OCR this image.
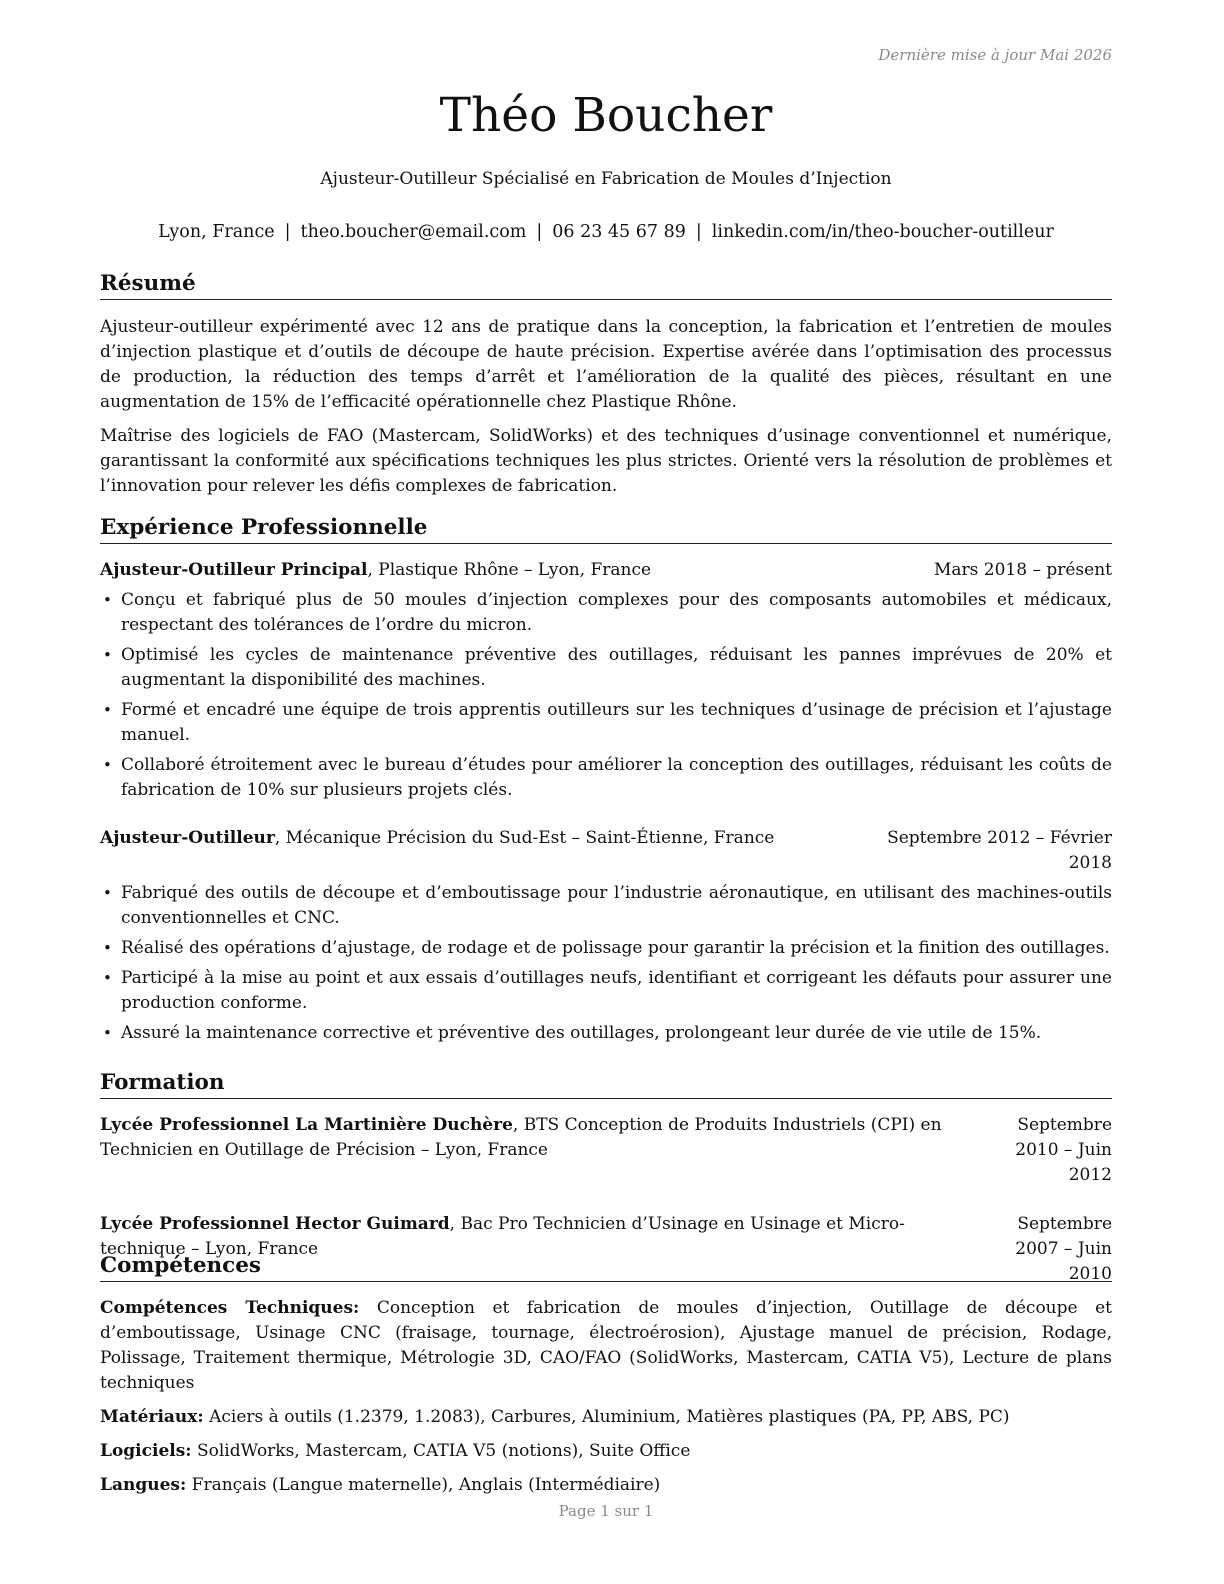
Dernière mise à jour Mai 2026
Théo Boucher
Ajusteur-Outilleur Spécialisé en Fabrication de Moules d’Injection
Lyon, France | theo.boucher@email.com | 06 23 45 67 89 | linkedin.com/in/theo-boucher-outilleur
Résumé

Ajusteur-outilleur expérimenté avec 12 ans de pratique dans la conception, la fabrication et l’entretien de moules d’injection plastique et d’outils de découpe de haute précision. Expertise avérée dans l’optimisation des processus de production, la réduction des temps d’arrêt et l’amélioration de la qualité des pièces, résultant en une augmentation de 15% de l’efficacité opérationnelle chez Plastique Rhône.

Maîtrise des logiciels de FAO (Mastercam, SolidWorks) et des techniques d’usinage conventionnel et numérique, garantissant la conformité aux spécifications techniques les plus strictes. Orienté vers la résolution de problèmes et l’innovation pour relever les défis complexes de fabrication.

Expérience Professionnelle
Ajusteur-Outilleur Principal, Plastique Rhône – Lyon, France	Mars 2018 – présent
• Conçu et fabriqué plus de 50 moules d’injection complexes pour des composants automobiles et médicaux, respectant des tolérances de l’ordre du micron.
• Optimisé les cycles de maintenance préventive des outillages, réduisant les pannes imprévues de 20% et augmentant la disponibilité des machines.
• Formé et encadré une équipe de trois apprentis outilleurs sur les techniques d’usinage de précision et l’ajustage manuel.
• Collaboré étroitement avec le bureau d’études pour améliorer la conception des outillages, réduisant les coûts de fabrication de 10% sur plusieurs projets clés.
Ajusteur-Outilleur, Mécanique Précision du Sud-Est – Saint-Étienne, France	Septembre 2012 – Février 2018
• Fabriqué des outils de découpe et d’emboutissage pour l’industrie aéronautique, en utilisant des machines-outils conventionnelles et CNC.
• Réalisé des opérations d’ajustage, de rodage et de polissage pour garantir la précision et la finition des outillages.
• Participé à la mise au point et aux essais d’outillages neufs, identifiant et corrigeant les défauts pour assurer une production conforme.
• Assuré la maintenance corrective et préventive des outillages, prolongeant leur durée de vie utile de 15%.
Formation
Lycée Professionnel La Martinière Duchère, BTS Conception de Produits Industriels (CPI) en Technicien en Outillage de Précision – Lyon, France
Septembre 2010 – Juin 2012
Lycée Professionnel Hector Guimard, Bac Pro Technicien d’Usinage en Usinage et Micro-technique – Lyon, France
Septembre 2007 – Juin 2010
Compétences

Compétences Techniques: Conception et fabrication de moules d’injection, Outillage de découpe et d’emboutissage, Usinage CNC (fraisage, tournage, électroérosion), Ajustage manuel de précision, Rodage, Polissage, Traitement thermique, Métrologie 3D, CAO/FAO (SolidWorks, Mastercam, CATIA V5), Lecture de plans techniques

Matériaux: Aciers à outils (1.2379, 1.2083), Carbures, Aluminium, Matières plastiques (PA, PP, ABS, PC)

Logiciels: SolidWorks, Mastercam, CATIA V5 (notions), Suite Office

Langues: Français (Langue maternelle), Anglais (Intermédiaire)

Page 1 sur 1
